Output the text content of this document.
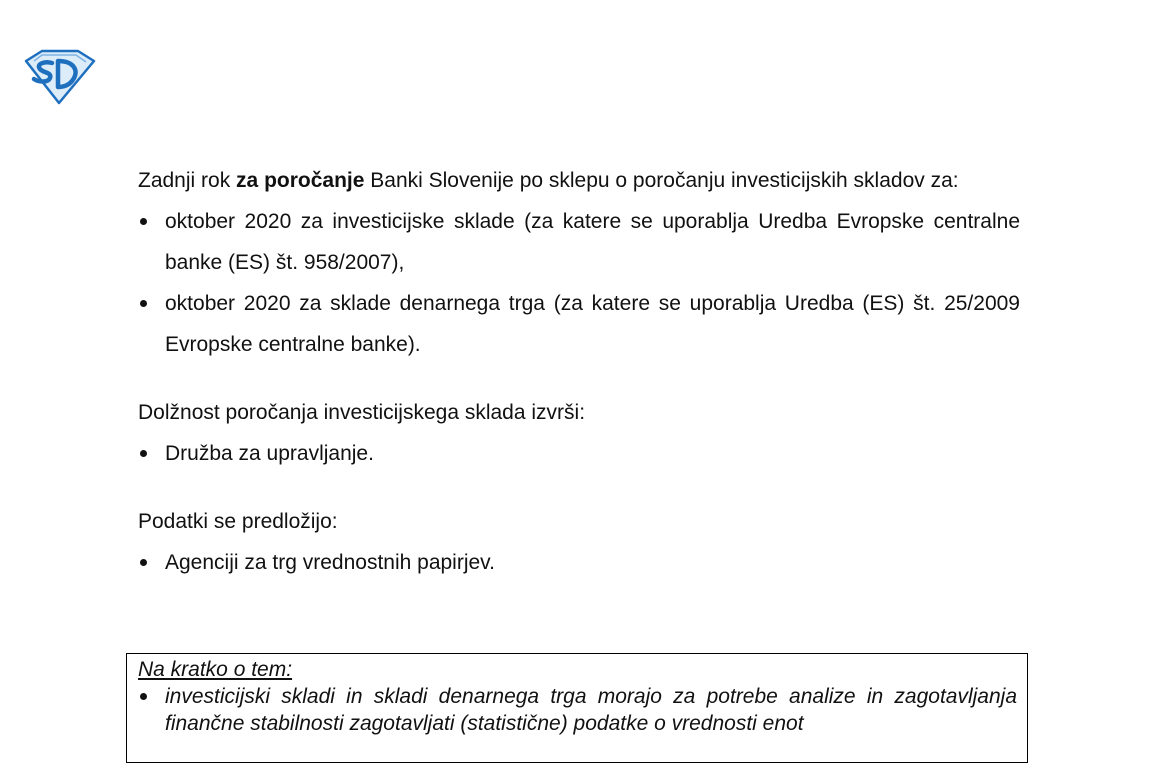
Zadnji rok za poročanje Banki Slovenije po sklepu o poročanju investicijskih skladov za:

oktober 2020 za investicijske sklade (za katere se uporablja Uredba Evropske centralne banke (ES) št. 958/2007),
oktober 2020 za sklade denarnega trga (za katere se uporablja Uredba (ES) št. 25/2009 Evropske centralne banke).

Dolžnost poročanja investicijskega sklada izvrši:

Družba za upravljanje.

Podatki se predložijo:

Agenciji za trg vrednostnih papirjev.
Na kratko o tem:
investicijski skladi in skladi denarnega trga morajo za potrebe analize in zagotavljanja finančne stabilnosti zagotavljati (statistične) podatke o vrednosti enot
